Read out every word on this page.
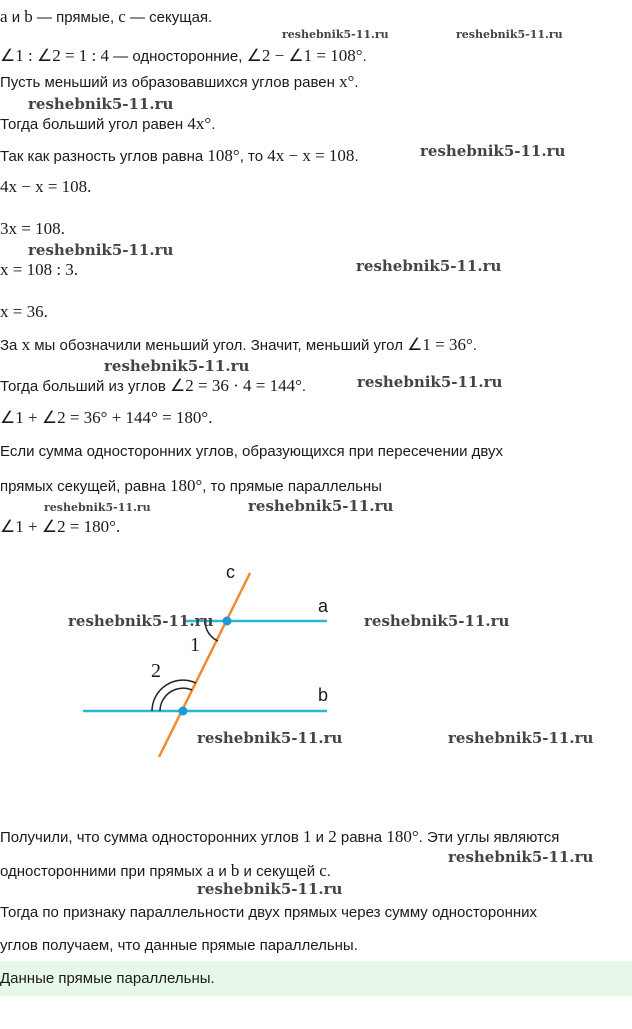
a и b — прямые, c — секущая.
∠1 : ∠2 = 1 : 4 — односторонние, ∠2 − ∠1 = 108°.
Пусть меньший из образовавшихся углов равен x°.
Тогда больший угол равен 4x°.
Так как разность углов равна 108°, то 4x − x = 108.
4x − x = 108.
3x = 108.
x = 108 : 3.
x = 36.
За x мы обозначили меньший угол. Значит, меньший угол ∠1 = 36°.
Тогда больший из углов ∠2 = 36 · 4 = 144°.
∠1 + ∠2 = 36° + 144° = 180°.
Если сумма односторонних углов, образующихся при пересечении двух
прямых секущей, равна 180°, то прямые параллельны
∠1 + ∠2 = 180°.
c
a
b
1
2
Получили, что сумма односторонних углов 1 и 2 равна 180°. Эти углы являются
односторонними при прямых a и b и секущей c.
Тогда по признаку параллельности двух прямых через сумму односторонних
углов получаем, что данные прямые параллельны.
Данные прямые параллельны.
reshebnik5-11.ru	reshebnik5-11.ru
reshebnik5-11.ru
reshebnik5-11.ru
reshebnik5-11.ru
reshebnik5-11.ru
reshebnik5-11.ru
reshebnik5-11.ru
reshebnik5-11.ru	reshebnik5-11.ru
reshebnik5-11.ru	reshebnik5-11.ru
reshebnik5-11.ru	reshebnik5-11.ru
reshebnik5-11.ru
reshebnik5-11.ru
